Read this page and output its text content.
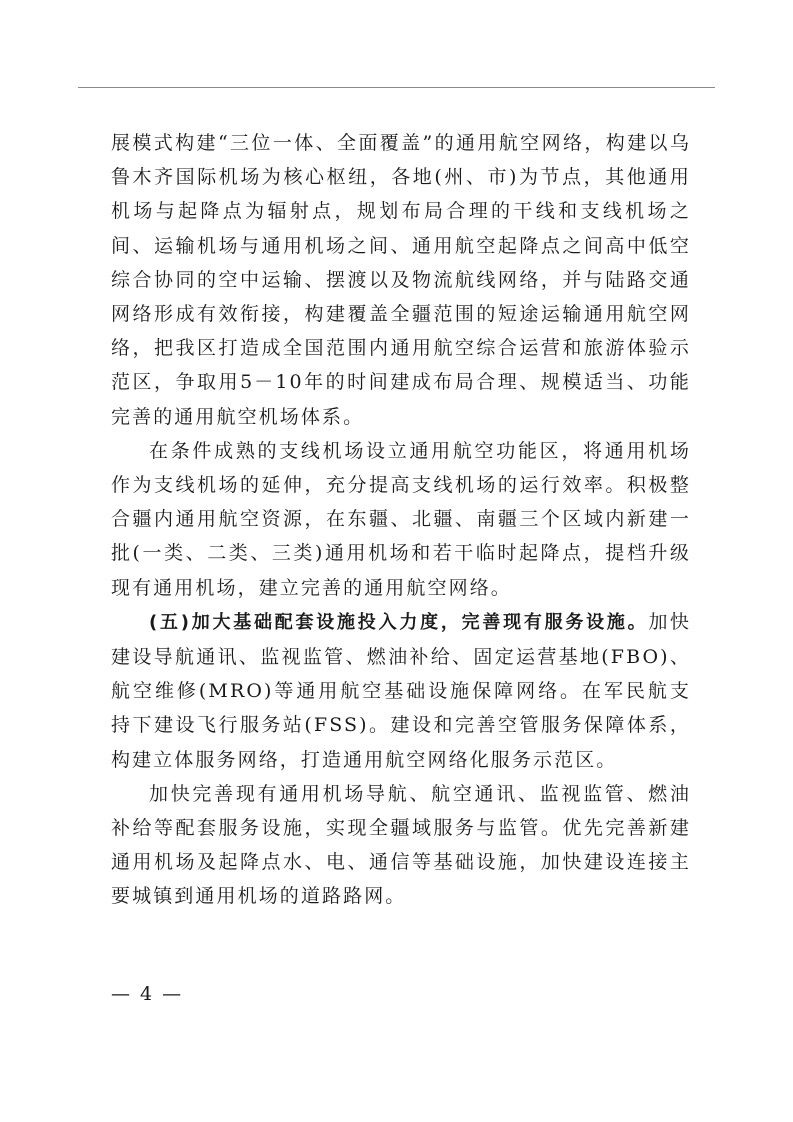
展模式构建“三位一体、全面覆盖”的通用航空网络，构建以乌鲁木齐国际机场为核心枢纽，各地(州、市)为节点，其他通用机场与起降点为辐射点，规划布局合理的干线和支线机场之间、运输机场与通用机场之间、通用航空起降点之间高中低空综合协同的空中运输、摆渡以及物流航线网络，并与陆路交通网络形成有效衔接，构建覆盖全疆范围的短途运输通用航空网络，把我区打造成全国范围内通用航空综合运营和旅游体验示范区，争取用5－10年的时间建成布局合理、规模适当、功能完善的通用航空机场体系。

在条件成熟的支线机场设立通用航空功能区，将通用机场作为支线机场的延伸，充分提高支线机场的运行效率。积极整合疆内通用航空资源，在东疆、北疆、南疆三个区域内新建一批(一类、二类、三类)通用机场和若干临时起降点，提档升级现有通用机场，建立完善的通用航空网络。

(五)加大基础配套设施投入力度，完善现有服务设施。加快建设导航通讯、监视监管、燃油补给、固定运营基地(FBO)、航空维修(MRO)等通用航空基础设施保障网络。在军民航支持下建设飞行服务站(FSS)。建设和完善空管服务保障体系，构建立体服务网络，打造通用航空网络化服务示范区。

加快完善现有通用机场导航、航空通讯、监视监管、燃油补给等配套服务设施，实现全疆域服务与监管。优先完善新建通用机场及起降点水、电、通信等基础设施，加快建设连接主要城镇到通用机场的道路路网。

— 4 —
